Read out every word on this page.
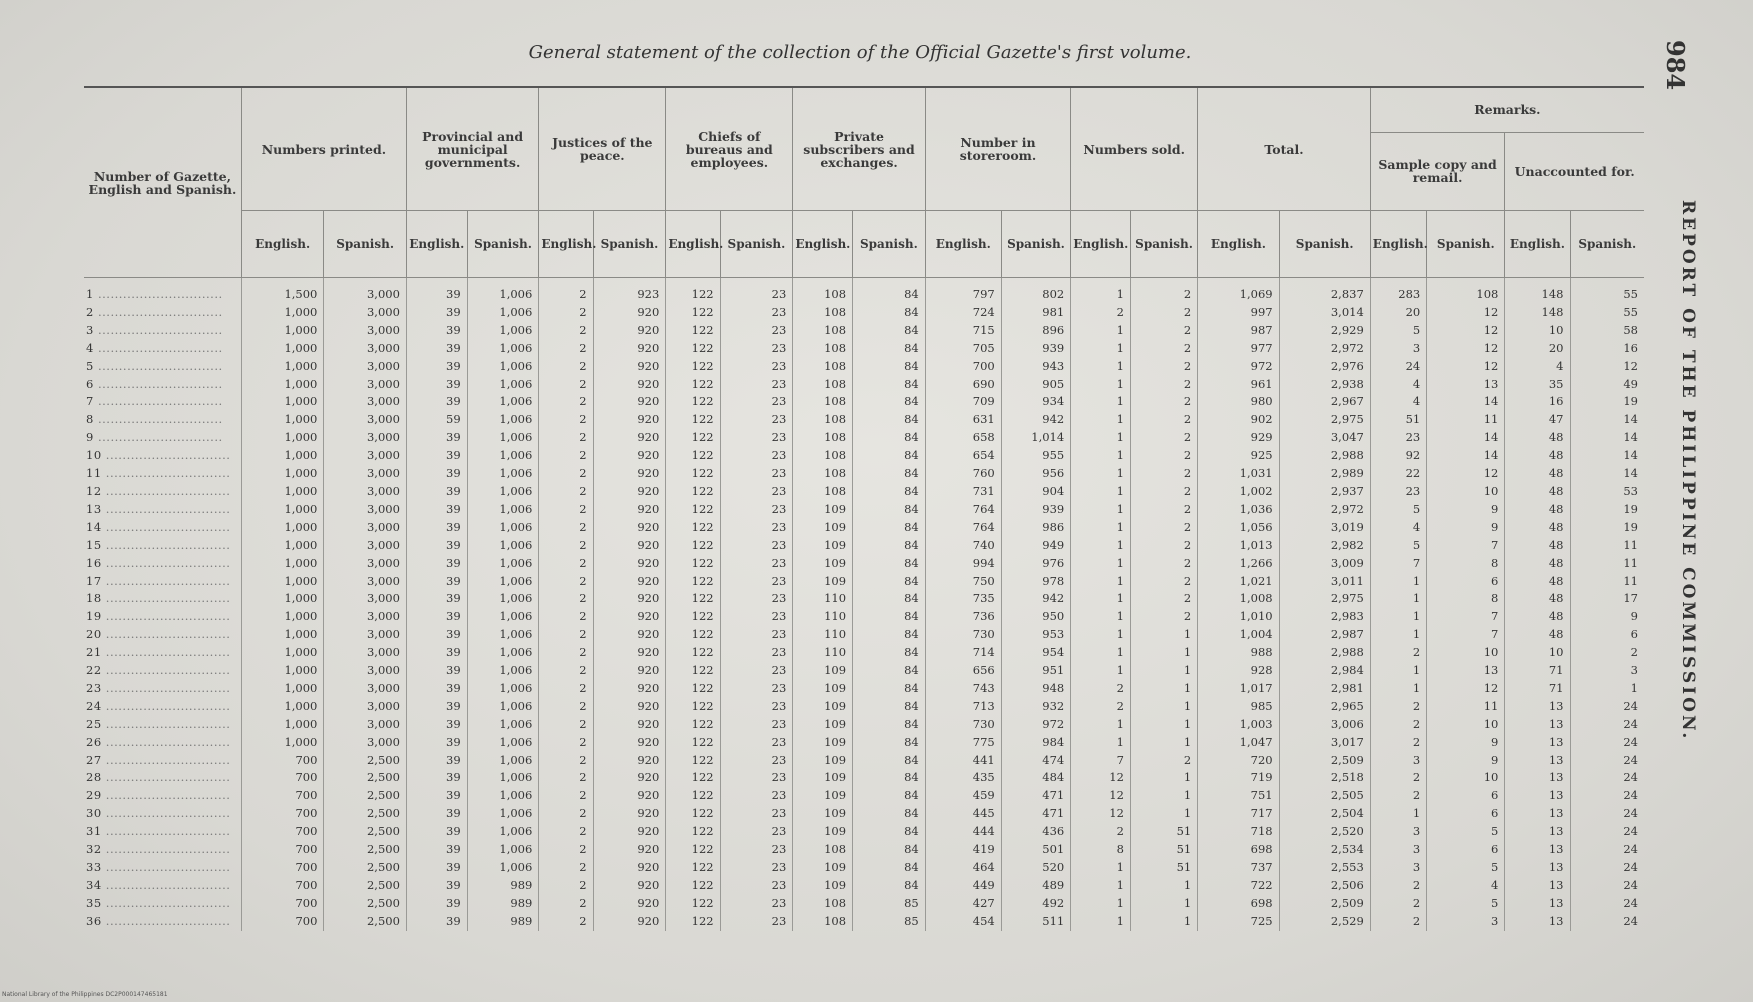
General statement of the collection of the Official Gazette's first volume.	984
REPORT OF THE PHILIPPINE COMMISSION.
Number of Gazette, English and Spanish.	Numbers printed.		Provincial and municipal governments.		Justices of the peace.		Chiefs of bureaus and employees.		Private subscribers and exchanges.		Number in storeroom.		Numbers sold.		Total.		Remarks.			
																	Sample copy and remail.		Unaccounted for.	
	English.	Spanish.	English.	Spanish.	English.	Spanish.	English.	Spanish.	English.	Spanish.	English.	Spanish.	English.	Spanish.	English.	Spanish.	English.	Spanish.	English.	Spanish.
1 ..............................	1,500	3,000	39	1,006	2	923	122	23	108	84	797	802	1	2	1,069	2,837	283	108	148	55
2 ..............................	1,000	3,000	39	1,006	2	920	122	23	108	84	724	981	2	2	997	3,014	20	12	148	55
3 ..............................	1,000	3,000	39	1,006	2	920	122	23	108	84	715	896	1	2	987	2,929	5	12	10	58
4 ..............................	1,000	3,000	39	1,006	2	920	122	23	108	84	705	939	1	2	977	2,972	3	12	20	16
5 ..............................	1,000	3,000	39	1,006	2	920	122	23	108	84	700	943	1	2	972	2,976	24	12	4	12
6 ..............................	1,000	3,000	39	1,006	2	920	122	23	108	84	690	905	1	2	961	2,938	4	13	35	49
7 ..............................	1,000	3,000	39	1,006	2	920	122	23	108	84	709	934	1	2	980	2,967	4	14	16	19
8 ..............................	1,000	3,000	59	1,006	2	920	122	23	108	84	631	942	1	2	902	2,975	51	11	47	14
9 ..............................	1,000	3,000	39	1,006	2	920	122	23	108	84	658	1,014	1	2	929	3,047	23	14	48	14
10 ..............................	1,000	3,000	39	1,006	2	920	122	23	108	84	654	955	1	2	925	2,988	92	14	48	14
11 ..............................	1,000	3,000	39	1,006	2	920	122	23	108	84	760	956	1	2	1,031	2,989	22	12	48	14
12 ..............................	1,000	3,000	39	1,006	2	920	122	23	108	84	731	904	1	2	1,002	2,937	23	10	48	53
13 ..............................	1,000	3,000	39	1,006	2	920	122	23	109	84	764	939	1	2	1,036	2,972	5	9	48	19
14 ..............................	1,000	3,000	39	1,006	2	920	122	23	109	84	764	986	1	2	1,056	3,019	4	9	48	19
15 ..............................	1,000	3,000	39	1,006	2	920	122	23	109	84	740	949	1	2	1,013	2,982	5	7	48	11
16 ..............................	1,000	3,000	39	1,006	2	920	122	23	109	84	994	976	1	2	1,266	3,009	7	8	48	11
17 ..............................	1,000	3,000	39	1,006	2	920	122	23	109	84	750	978	1	2	1,021	3,011	1	6	48	11
18 ..............................	1,000	3,000	39	1,006	2	920	122	23	110	84	735	942	1	2	1,008	2,975	1	8	48	17
19 ..............................	1,000	3,000	39	1,006	2	920	122	23	110	84	736	950	1	2	1,010	2,983	1	7	48	9
20 ..............................	1,000	3,000	39	1,006	2	920	122	23	110	84	730	953	1	1	1,004	2,987	1	7	48	6
21 ..............................	1,000	3,000	39	1,006	2	920	122	23	110	84	714	954	1	1	988	2,988	2	10	10	2
22 ..............................	1,000	3,000	39	1,006	2	920	122	23	109	84	656	951	1	1	928	2,984	1	13	71	3
23 ..............................	1,000	3,000	39	1,006	2	920	122	23	109	84	743	948	2	1	1,017	2,981	1	12	71	1
24 ..............................	1,000	3,000	39	1,006	2	920	122	23	109	84	713	932	2	1	985	2,965	2	11	13	24
25 ..............................	1,000	3,000	39	1,006	2	920	122	23	109	84	730	972	1	1	1,003	3,006	2	10	13	24
26 ..............................	1,000	3,000	39	1,006	2	920	122	23	109	84	775	984	1	1	1,047	3,017	2	9	13	24
27 ..............................	700	2,500	39	1,006	2	920	122	23	109	84	441	474	7	2	720	2,509	3	9	13	24
28 ..............................	700	2,500	39	1,006	2	920	122	23	109	84	435	484	12	1	719	2,518	2	10	13	24
29 ..............................	700	2,500	39	1,006	2	920	122	23	109	84	459	471	12	1	751	2,505	2	6	13	24
30 ..............................	700	2,500	39	1,006	2	920	122	23	109	84	445	471	12	1	717	2,504	1	6	13	24
31 ..............................	700	2,500	39	1,006	2	920	122	23	109	84	444	436	2	51	718	2,520	3	5	13	24
32 ..............................	700	2,500	39	1,006	2	920	122	23	108	84	419	501	8	51	698	2,534	3	6	13	24
33 ..............................	700	2,500	39	1,006	2	920	122	23	109	84	464	520	1	51	737	2,553	3	5	13	24
34 ..............................	700	2,500	39	989	2	920	122	23	109	84	449	489	1	1	722	2,506	2	4	13	24
35 ..............................	700	2,500	39	989	2	920	122	23	108	85	427	492	1	1	698	2,509	2	5	13	24
36 ..............................	700	2,500	39	989	2	920	122	23	108	85	454	511	1	1	725	2,529	2	3	13	24
National Library of the Philippines DC2P000147465181
